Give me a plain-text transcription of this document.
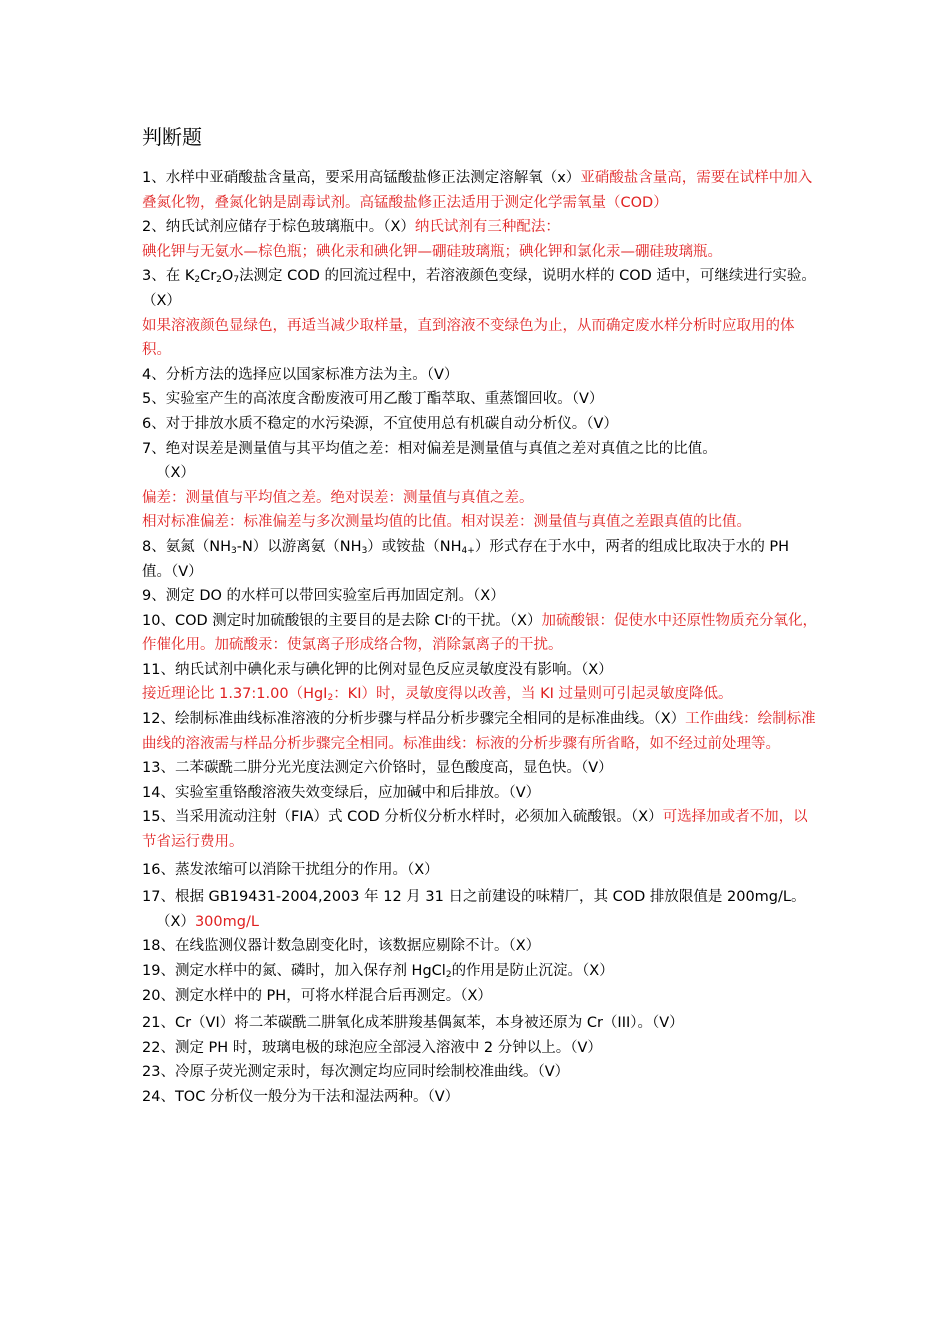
判断题

1、水样中亚硝酸盐含量高，要采用高锰酸盐修正法测定溶解氧（x）亚硝酸盐含量高，需要在试样中加入叠氮化物，叠氮化钠是剧毒试剂。高锰酸盐修正法适用于测定化学需氧量（COD）

2、纳氏试剂应储存于棕色玻璃瓶中。（X）纳氏试剂有三种配法：

碘化钾与无氨水—棕色瓶；碘化汞和碘化钾—硼硅玻璃瓶；碘化钾和氯化汞—硼硅玻璃瓶。

3、在 $K_2Cr_2O_7$法测定 COD 的回流过程中，若溶液颜色变绿，说明水样的 COD 适中，可继续进行实验。（X）

如果溶液颜色显绿色，再适当减少取样量，直到溶液不变绿色为止，从而确定废水样分析时应取用的体积。

4、分析方法的选择应以国家标准方法为主。（V）

5、实验室产生的高浓度含酚废液可用乙酸丁酯萃取、重蒸馏回收。（V）

6、对于排放水质不稳定的水污染源，不宜使用总有机碳自动分析仪。（V）

7、绝对误差是测量值与其平均值之差：相对偏差是测量值与真值之差对真值之比的比值。

（X）

偏差：测量值与平均值之差。绝对误差：测量值与真值之差。

相对标准偏差：标准偏差与多次测量均值的比值。相对误差：测量值与真值之差跟真值的比值。

8、氨氮$(NH_3-N)$以游离氨$(NH_3)$或铵盐$(NH_{4+})$形式存在于水中，两者的组成比取决于水的 PH 值。（V）

9、测定 DO 的水样可以带回实验室后再加固定剂。（X）

10、COD 测定时加硫酸银的主要目的是去除 Cl-的干扰。（X）加硫酸银：促使水中还原性物质充分氧化，作催化用。加硫酸汞：使氯离子形成络合物，消除氯离子的干扰。

11、纳氏试剂中碘化汞与碘化钾的比例对显色反应灵敏度没有影响。（X）

接近理论比 1.37:1.00（HgI$_2$：KI）时，灵敏度得以改善，当 KI 过量则可引起灵敏度降低。

12、绘制标准曲线标准溶液的分析步骤与样品分析步骤完全相同的是标准曲线。（X）工作曲线：绘制标准曲线的溶液需与样品分析步骤完全相同。标准曲线：标液的分析步骤有所省略，如不经过前处理等。

13、二苯碳酰二肼分光光度法测定六价铬时，显色酸度高，显色快。（V）

14、实验室重铬酸溶液失效变绿后，应加碱中和后排放。（V）

15、当采用流动注射（FIA）式 COD 分析仪分析水样时，必须加入硫酸银。（X）可选择加或者不加，以节省运行费用。

16、蒸发浓缩可以消除干扰组分的作用。（X）

17、根据 GB19431-2004,2003 年 12 月 31 日之前建设的味精厂，其 COD 排放限值是 200mg/L。

（X）300mg/L

18、在线监测仪器计数急剧变化时，该数据应剔除不计。（X）

19、测定水样中的氮、磷时，加入保存剂 HgCl$_2$的作用是防止沉淀。（X）

20、测定水样中的 PH，可将水样混合后再测定。（X）

21、Cr（VI）将二苯碳酰二肼氧化成苯肼羧基偶氮苯，本身被还原为 Cr（III）。（V）

22、测定 PH 时，玻璃电极的球泡应全部浸入溶液中 2 分钟以上。（V）

23、冷原子荧光测定汞时，每次测定均应同时绘制校准曲线。（V）

24、TOC 分析仪一般分为干法和湿法两种。（V）
